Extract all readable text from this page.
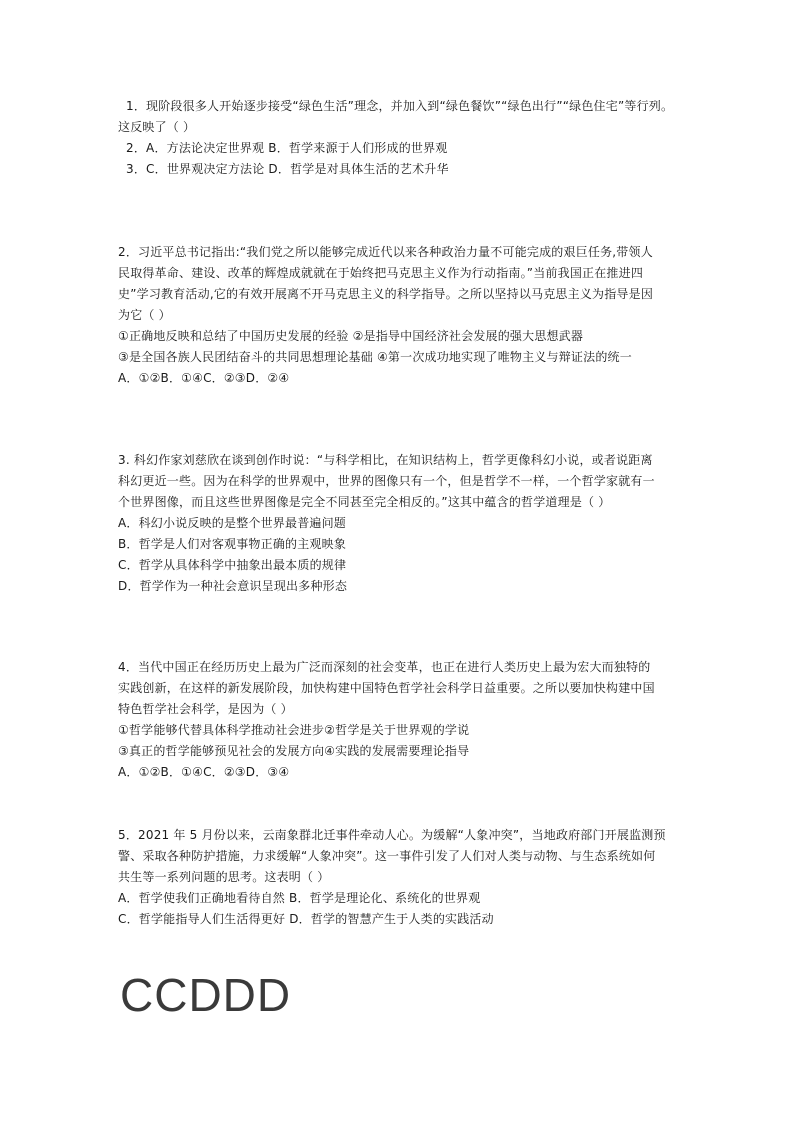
1．现阶段很多人开始逐步接受“绿色生活”理念，并加入到“绿色餐饮”“绿色出行”“绿色住宅”等行列。
这反映了（ ）
2．A．方法论决定世界观 B．哲学来源于人们形成的世界观
3．C．世界观决定方法论 D．哲学是对具体生活的艺术升华
2．习近平总书记指出:“我们党之所以能够完成近代以来各种政治力量不可能完成的艰巨任务,带领人
民取得革命、建设、改革的辉煌成就就在于始终把马克思主义作为行动指南。”当前我国正在推进四
史”学习教育活动,它的有效开展离不开马克思主义的科学指导。之所以坚持以马克思主义为指导是因
为它（ ）
①正确地反映和总结了中国历史发展的经验 ②是指导中国经济社会发展的强大思想武器
③是全国各族人民团结奋斗的共同思想理论基础 ④第一次成功地实现了唯物主义与辩证法的统一
A．①②B．①④C．②③D．②④
3. 科幻作家刘慈欣在谈到创作时说：“与科学相比，在知识结构上，哲学更像科幻小说，或者说距离
科幻更近一些。因为在科学的世界观中，世界的图像只有一个，但是哲学不一样，一个哲学家就有一
个世界图像，而且这些世界图像是完全不同甚至完全相反的。”这其中蕴含的哲学道理是（ ）
A．科幻小说反映的是整个世界最普遍问题
B．哲学是人们对客观事物正确的主观映象
C．哲学从具体科学中抽象出最本质的规律
D．哲学作为一种社会意识呈现出多种形态
4．当代中国正在经历历史上最为广泛而深刻的社会变革，也正在进行人类历史上最为宏大而独特的
实践创新，在这样的新发展阶段，加快构建中国特色哲学社会科学日益重要。之所以要加快构建中国
特色哲学社会科学，是因为（ ）
①哲学能够代替具体科学推动社会进步②哲学是关于世界观的学说
③真正的哲学能够预见社会的发展方向④实践的发展需要理论指导
A．①②B．①④C．②③D．③④
5．2021 年 5 月份以来，云南象群北迁事件牵动人心。为缓解“人象冲突”，当地政府部门开展监测预
警、采取各种防护措施，力求缓解“人象冲突”。这一事件引发了人们对人类与动物、与生态系统如何
共生等一系列问题的思考。这表明（ ）
A．哲学使我们正确地看待自然 B．哲学是理论化、系统化的世界观
C．哲学能指导人们生活得更好 D．哲学的智慧产生于人类的实践活动
CCDDD
